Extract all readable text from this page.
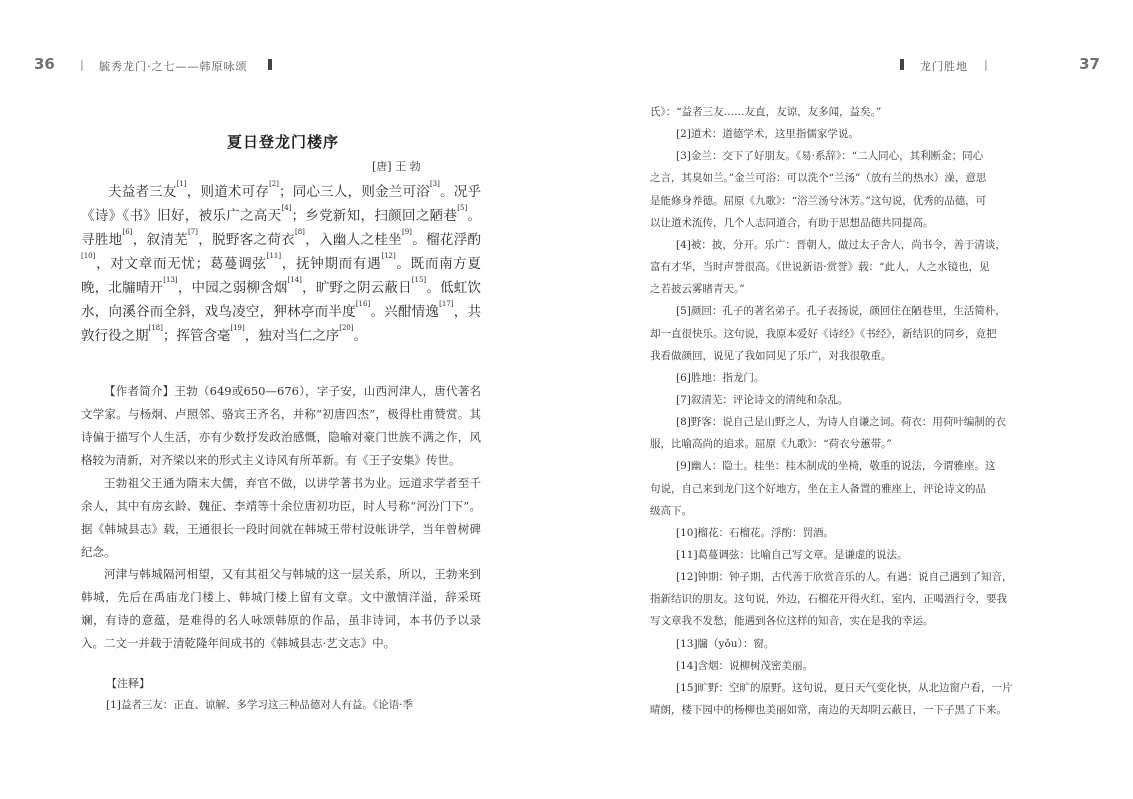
36 | 毓秀龙门·之七——韩原咏颂
夏日登龙门楼序
[唐] 王 勃

夫益者三友[1]，则道术可存[2]；同心三人，则金兰可浴[3]。况乎《诗》《书》旧好，被乐广之高天[4]；乡党新知，扫颜回之陋巷[5]。寻胜地[6]，叙清芜[7]，脱野客之荷衣[8]，入幽人之桂坐[9]。榴花浮酌[10]，对文章而无忧；葛蔓调弦[11]，抚钟期而有遇[12]。既而南方夏晚，北牖晴开[13]，中园之弱柳含烟[14]，旷野之阴云蔽日[15]。低虹饮水，向溪谷而全斜，戏鸟凌空，狎林亭而半度[16]。兴酣情逸[17]，共敦行役之期[18]；挥管含毫[19]，独对当仁之序[20]。

【作者简介】王勃（649或650—676），字子安，山西河津人，唐代著名文学家。与杨炯、卢照邻、骆宾王齐名，并称“初唐四杰”，极得杜甫赞赏。其诗偏于描写个人生活，亦有少数抒发政治感慨，隐喻对豪门世族不满之作，风格较为清新，对齐梁以来的形式主义诗风有所革新。有《王子安集》传世。

王勃祖父王通为隋末大儒，弃官不做，以讲学著书为业。远道求学者至千余人，其中有房玄龄、魏征、李靖等十余位唐初功臣，时人号称“河汾门下”。据《韩城县志》载，王通很长一段时间就在韩城王带村设帐讲学，当年曾树碑纪念。

河津与韩城隔河相望，又有其祖父与韩城的这一层关系，所以，王勃来到韩城，先后在禹庙龙门楼上、韩城门楼上留有文章。文中激情洋溢，辞采斑斓，有诗的意蕴，是难得的名人咏颂韩原的作品，虽非诗词，本书仍予以录入。二文一并载于清乾隆年间成书的《韩城县志·艺文志》中。

【注释】
[1]益者三友：正直、谅解、多学习这三种品德对人有益。《论语·季
龙门胜地 |	37
氏》：“益者三友……友直，友谅，友多闻，益矣。”
[2]道术：道德学术，这里指儒家学说。
[3]金兰：交下了好朋友。《易·系辞》：“二人同心，其利断金；同心
之言，其臭如兰。”金兰可浴：可以洗个“兰汤”（放有兰的热水）澡，意思
是能修身养德。屈原《九歌》：“浴兰汤兮沐芳。”这句说，优秀的品德，可
以让道术流传，几个人志同道合，有助于思想品德共同提高。
[4]被：披，分开。乐广：晋朝人，做过太子舍人，尚书令，善于清谈，
富有才华，当时声誉很高。《世说新语·赏誉》载：“此人，人之水镜也，见
之若披云雾睹青天。”
[5]颜回：孔子的著名弟子。孔子表扬说，颜回住在陋巷里，生活简朴，
却一直很快乐。这句说，我原本爱好《诗经》《书经》，新结识的同乡，竟把
我看做颜回，说见了我如同见了乐广，对我很敬重。
[6]胜地：指龙门。
[7]叙清芜：评论诗文的清纯和杂乱。
[8]野客：说自己是山野之人，为诗人自谦之词。荷衣：用荷叶编制的衣
服，比喻高尚的追求。屈原《九歌》：“荷衣兮蕙带。”
[9]幽人：隐士。桂坐：桂木制成的坐椅，敬重的说法，今谓雅座。这
句说，自己来到龙门这个好地方，坐在主人备置的雅座上，评论诗文的品
级高下。
[10]榴花：石榴花。浮酌：罚酒。
[11]葛蔓调弦：比喻自己写文章。是谦虚的说法。
[12]钟期：钟子期，古代善于欣赏音乐的人。有遇：说自己遇到了知音，
指新结识的朋友。这句说，外边，石榴花开得火红，室内，正喝酒行令，要我
写文章我不发愁，能遇到各位这样的知音，实在是我的幸运。
[13]牖（yǒu）：窗。
[14]含烟：说柳树茂密美丽。
[15]旷野：空旷的原野。这句说，夏日天气变化快，从北边窗户看，一片
晴朗，楼下园中的杨柳也美丽如常，南边的天却阴云蔽日，一下子黑了下来。
